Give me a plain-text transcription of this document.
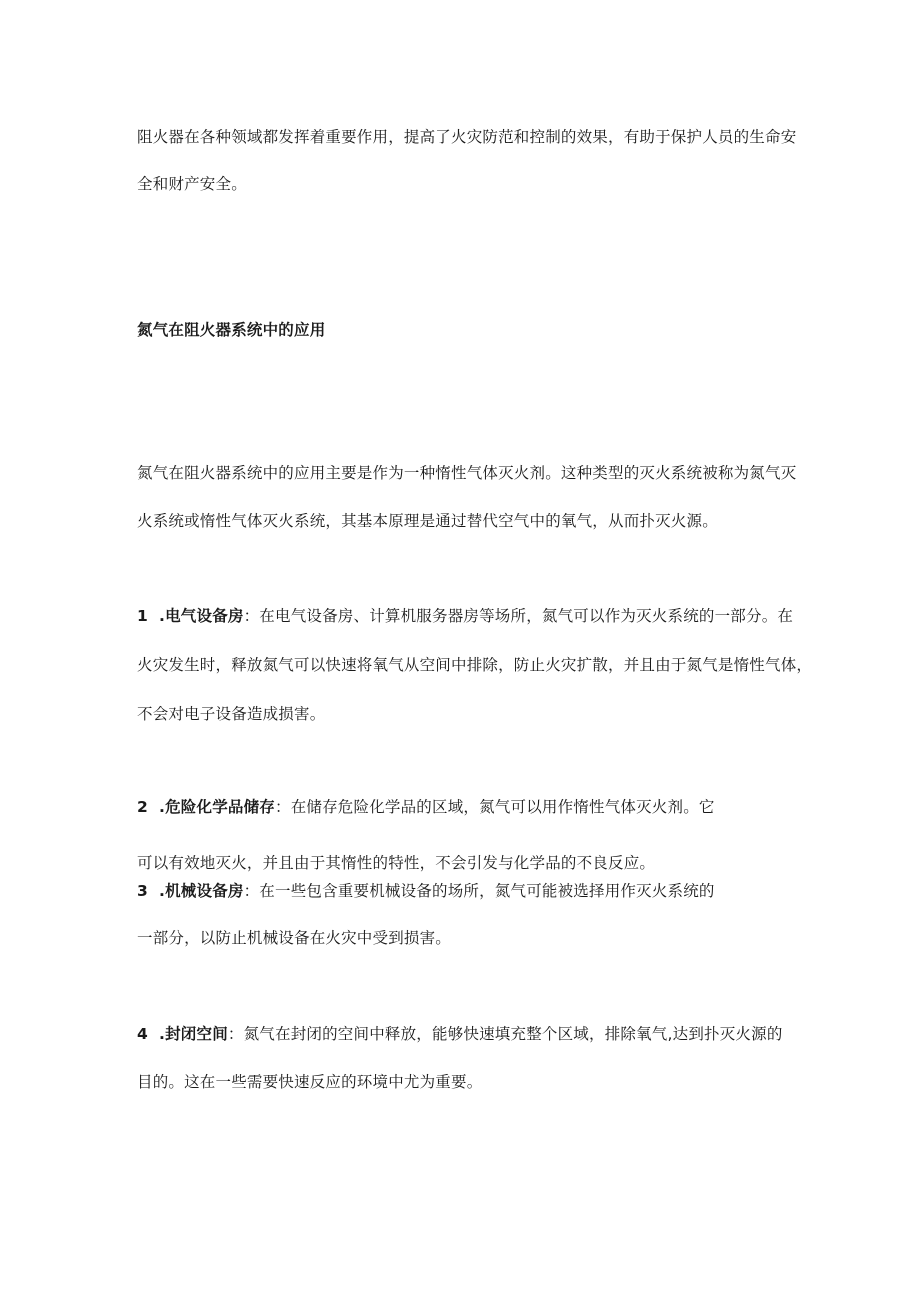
阻火器在各种领域都发挥着重要作用，提高了火灾防范和控制的效果，有助于保护人员的生命安
全和财产安全。
氮气在阻火器系统中的应用
氮气在阻火器系统中的应用主要是作为一种惰性气体灭火剂。这种类型的灭火系统被称为氮气灭
火系统或惰性气体灭火系统，其基本原理是通过替代空气中的氧气，从而扑灭火源。
1 .电气设备房：在电气设备房、计算机服务器房等场所，氮气可以作为灭火系统的一部分。在
火灾发生时，释放氮气可以快速将氧气从空间中排除，防止火灾扩散，并且由于氮气是惰性气体，
不会对电子设备造成损害。
2 .危险化学品储存：在储存危险化学品的区域，氮气可以用作惰性气体灭火剂。它
可以有效地灭火，并且由于其惰性的特性，不会引发与化学品的不良反应。
3 .机械设备房：在一些包含重要机械设备的场所，氮气可能被选择用作灭火系统的
一部分，以防止机械设备在火灾中受到损害。
4 .封闭空间：氮气在封闭的空间中释放，能够快速填充整个区域，排除氧气,达到扑灭火源的
目的。这在一些需要快速反应的环境中尤为重要。
